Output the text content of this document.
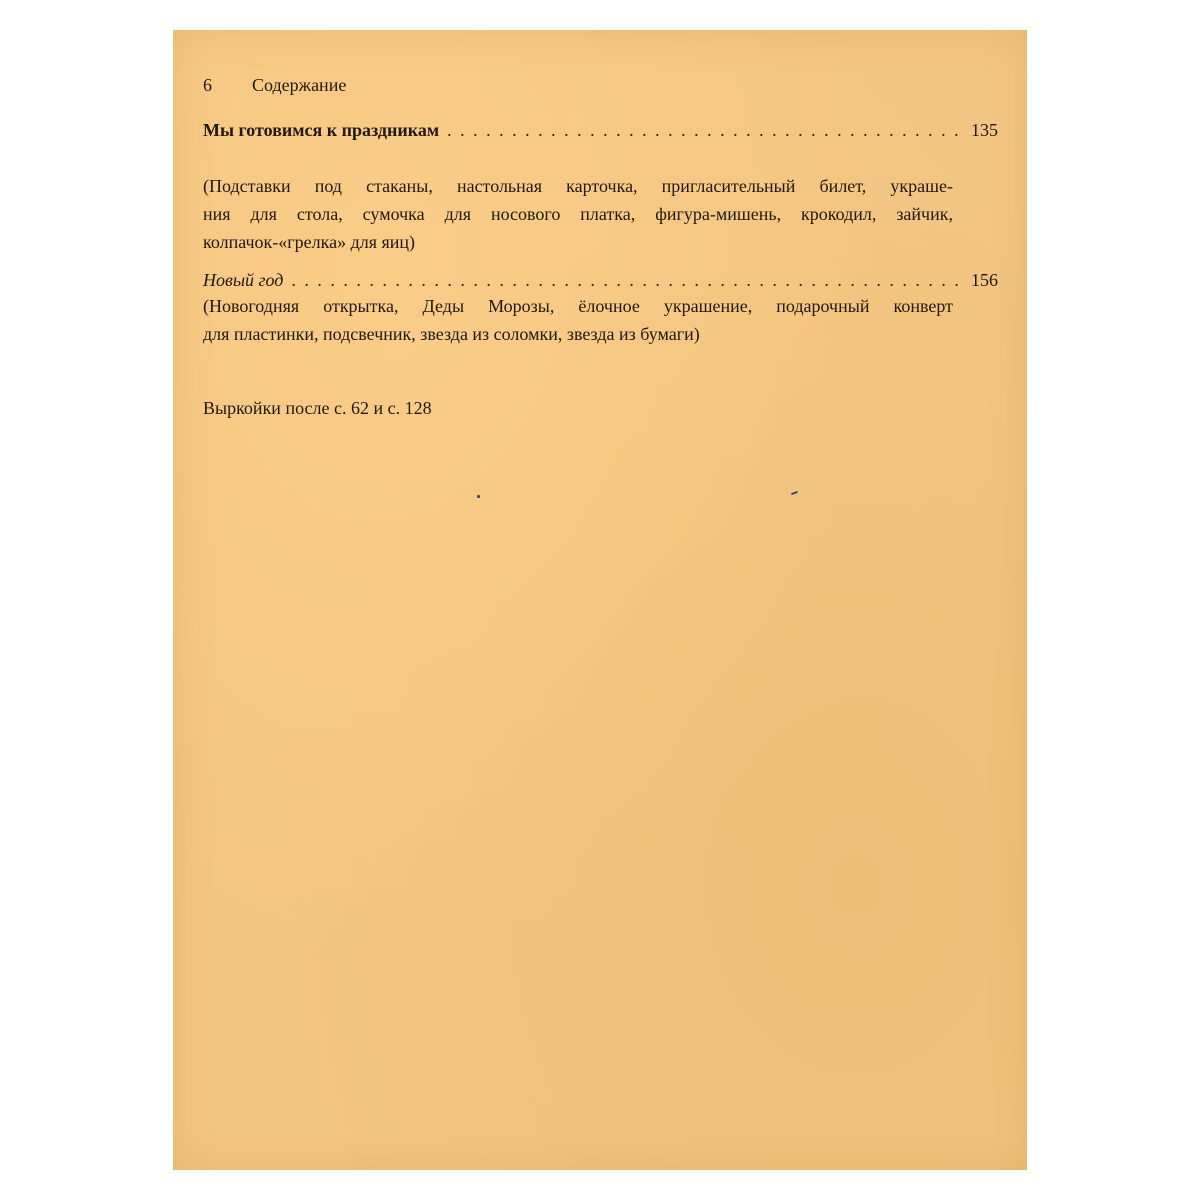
6 Содержание
Мы готовимся к праздникам . . .	135
(Подставки под стаканы, настольная карточка, пригласительный билет, украше-
ния для стола, сумочка для носового платка, фигура-мишень, крокодил, зайчик,
колпачок-«грелка» для яиц)
Новый год . . .	156
(Новогодняя открытка, Деды Морозы, ёлочное украшение, подарочный конверт
для пластинки, подсвечник, звезда из соломки, звезда из бумаги)
Выркойки после с. 62 и с. 128
